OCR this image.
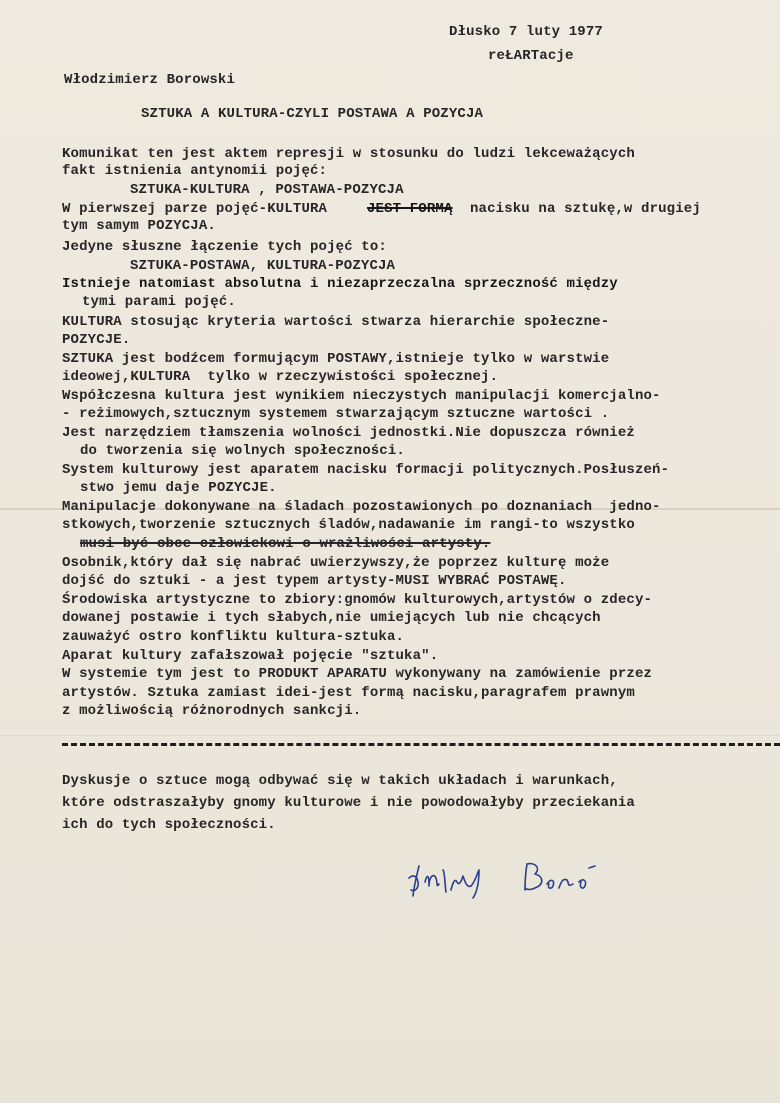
Dłusko 7 luty 1977
reŁARTacje
Włodzimierz Borowski
SZTUKA A KULTURA-CZYLI POSTAWA A POZYCJA
Komunikat ten jest aktem represji w stosunku do ludzi lekceważących
fakt istnienia antynomii pojęć:
SZTUKA-KULTURA , POSTAWA-POZYCJA
W pierwszej parze pojęć-KULTURA	JEST FORMĄ nacisku na sztukę,w drugiej
tym samym POZYCJA.
Jedyne słuszne łączenie tych pojęć to:
SZTUKA-POSTAWA, KULTURA-POZYCJA
Istnieje natomiast absolutna i niezaprzeczalna sprzeczność między
tymi parami pojęć.
KULTURA stosując kryteria wartości stwarza hierarchie społeczne-
POZYCJE.
SZTUKA jest bodźcem formującym POSTAWY,istnieje tylko w warstwie
ideowej,KULTURA  tylko w rzeczywistości społecznej.
Współczesna kultura jest wynikiem nieczystych manipulacji komercjalno-
- reżimowych,sztucznym systemem stwarzającym sztuczne wartości .
Jest narzędziem tłamszenia wolności jednostki.Nie dopuszcza również
do tworzenia się wolnych społeczności.
System kulturowy jest aparatem nacisku formacji politycznych.Posłuszeń-
stwo jemu daje POZYCJE.
Manipulacje dokonywane na śladach pozostawionych po doznaniach  jedno-
stkowych,tworzenie sztucznych śladów,nadawanie im rangi-to wszystko
musi być obce człowiekowi o wrażliwości artysty.
Osobnik,który dał się nabrać uwierzywszy,że poprzez kulturę może
dojść do sztuki - a jest typem artysty-MUSI WYBRAĆ POSTAWĘ.
Środowiska artystyczne to zbiory:gnomów kulturowych,artystów o zdecy-
dowanej postawie i tych słabych,nie umiejących lub nie chcących
zauważyć ostro konfliktu kultura-sztuka.
Aparat kultury zafałszował pojęcie "sztuka".
W systemie tym jest to PRODUKT APARATU wykonywany na zamówienie przez
artystów. Sztuka zamiast idei-jest formą nacisku,paragrafem prawnym
z możliwością różnorodnych sankcji.
Dyskusje o sztuce mogą odbywać się w takich układach i warunkach,
które odstraszałyby gnomy kulturowe i nie powodowałyby przeciekania
ich do tych społeczności.
